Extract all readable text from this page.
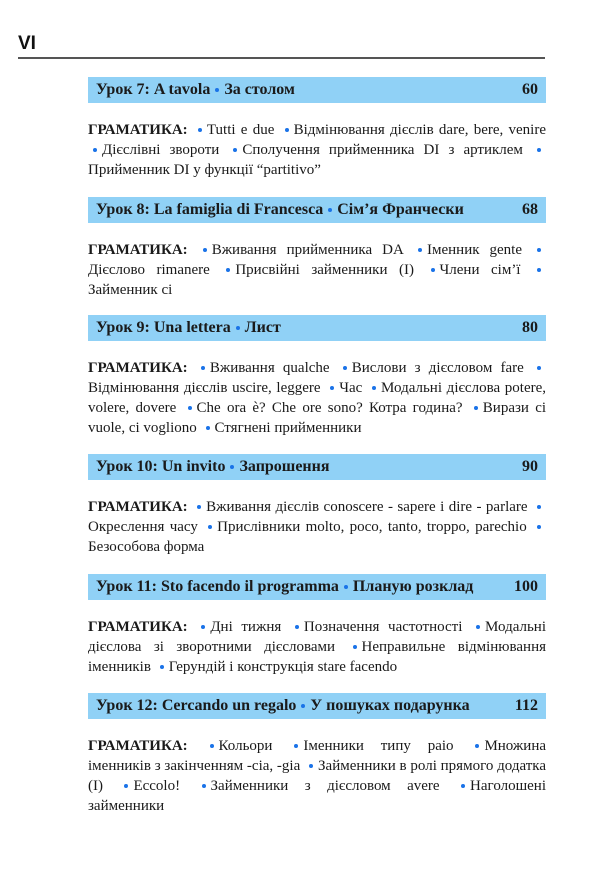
VI
Урок 7: A tavola За столом	60
ГРАМАТИКА: Tutti e due Відмінювання дієслів dare, bere, venire Дієслівні звороти Сполучення прийменника DI з артиклем Прийменник DI у функції “partitivo”
Урок 8: La famiglia di Francesca Сім’я Франчески	68
ГРАМАТИКА: Вживання прийменника DA Іменник gente Дієслово rimanere Присвійні займенники (I) Члени сім’ї Займенник ci
Урок 9: Una lettera Лист	80
ГРАМАТИКА: Вживання qualche Вислови з дієсловом fare Відмінювання дієслів uscire, leggere Час Модальні дієслова potere, volere, dovere Che ora è? Che ore sono? Котра година? Вирази ci vuole, ci vogliono Стягнені прийменники
Урок 10: Un invito Запрошення	90
ГРАМАТИКА: Вживання дієслів conoscere - sapere i dire - parlare Окреслення часу Прислівники molto, poco, tanto, troppo, parechio Безособова форма
Урок 11: Sto facendo il programma Планую розклад	100
ГРАМАТИКА: Дні тижня Позначення частотності Модальні дієслова зі зворотними дієсловами Неправильне відмінювання іменників Герундій і конструкція stare facendo
Урок 12: Cercando un regalo У пошуках подарунка	112
ГРАМАТИКА: Кольори Іменники типу paio Множина іменників з закінченням -cia, -gia Займенники в ролі прямого додатка (I) Eccolo! Займенники з дієсловом avere Наголошені займенники
